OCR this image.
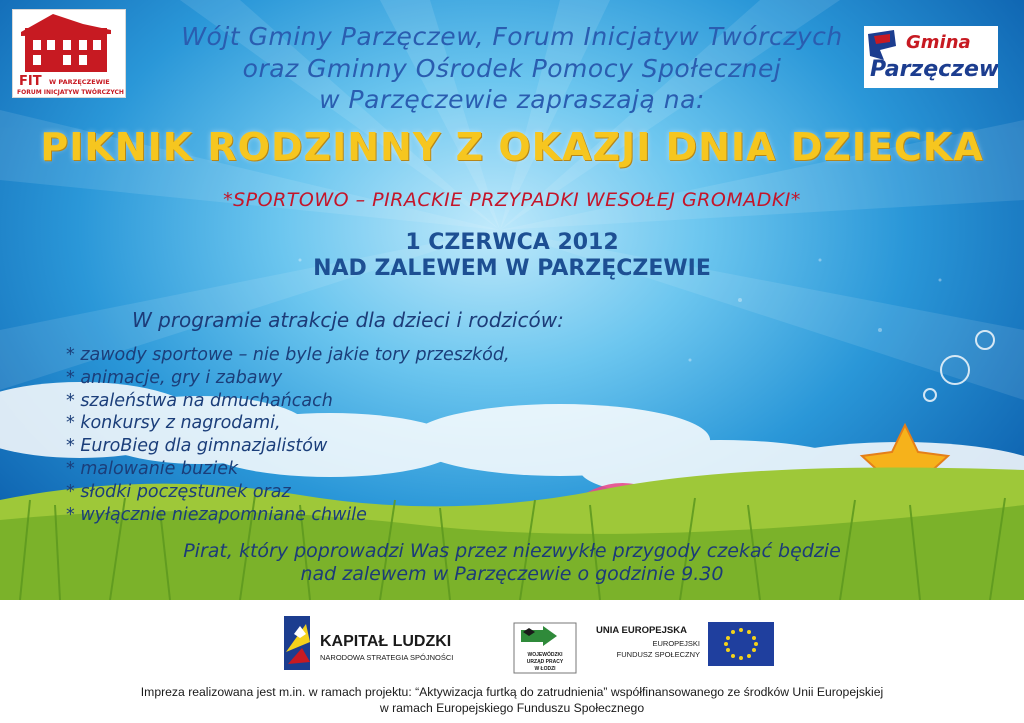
FIT W PARZĘCZEWIE
FORUM INICJATYW TWÓRCZYCH
Gmina
Parzęczew
Wójt Gminy Parzęczew, Forum Inicjatyw Twórczych
oraz Gminny Ośrodek Pomocy Społecznej
w Parzęczewie zapraszają na:
PIKNIK RODZINNY Z OKAZJI DNIA DZIECKA
*SPORTOWO – PIRACKIE PRZYPADKI WESOŁEJ GROMADKI*
1 CZERWCA 2012
NAD ZALEWEM W PARZĘCZEWIE
W programie atrakcje dla dzieci i rodziców:
* zawody sportowe – nie byle jakie tory przeszkód,
* animacje, gry i zabawy
* szaleństwa na dmuchańcach
* konkursy z nagrodami,
* EuroBieg dla gimnazjalistów
* malowanie buziek
* słodki poczęstunek oraz
* wyłącznie niezapomniane chwile
Pirat, który poprowadzi Was przez niezwykłe przygody czekać będzie
nad zalewem w Parzęczewie o godzinie 9.30
KAPITAŁ LUDZKI
NARODOWA STRATEGIA SPÓJNOŚCI	WOJEWÓDZKI
URZĄD PRACY
W ŁODZI
UNIA EUROPEJSKA
EUROPEJSKI
FUNDUSZ SPOŁECZNY
Impreza realizowana jest m.in. w ramach projektu: “Aktywizacja furtką do zatrudnienia” współfinansowanego ze środków Unii Europejskiej
w ramach Europejskiego Funduszu Społecznego
